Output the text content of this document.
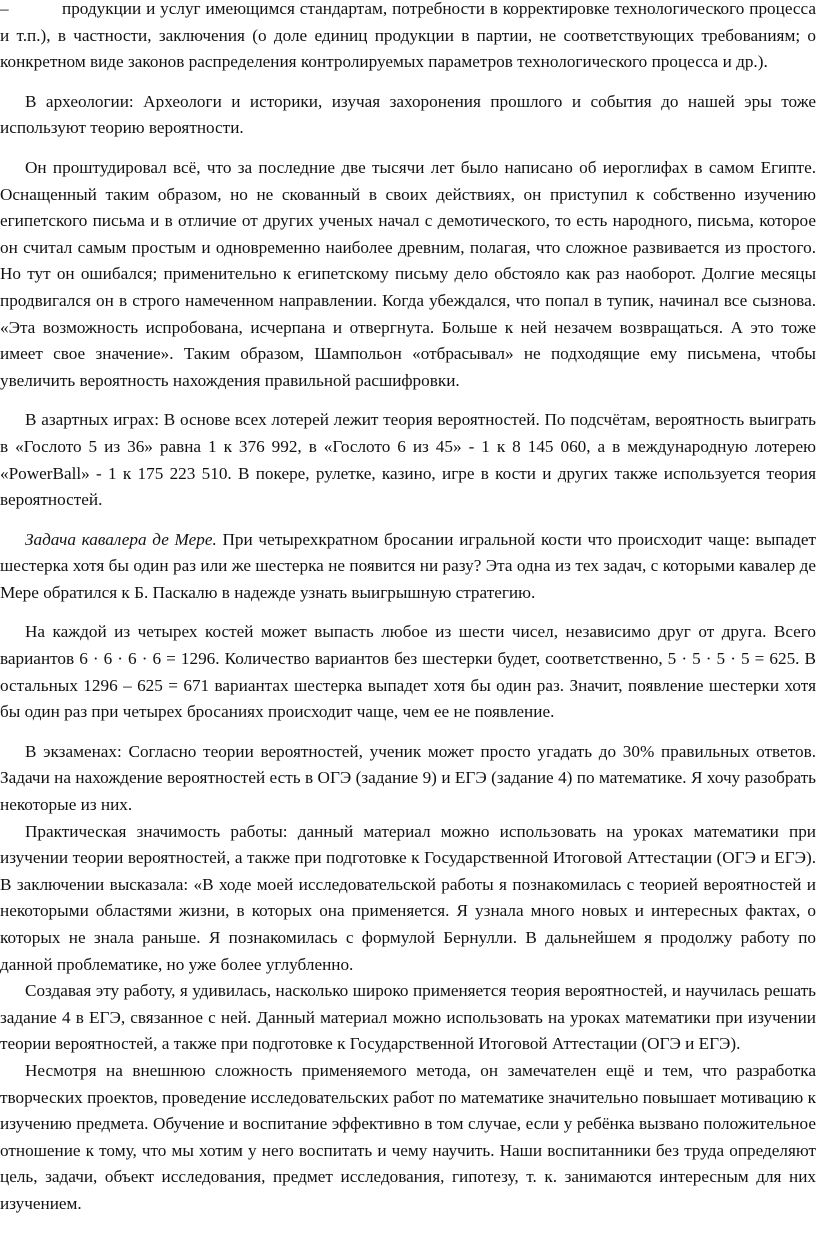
–	продукции и услуг имеющимся стандартам, потребности в корректировке технологического процесса и т.п.), в частности, заключения (о доле единиц продукции в партии, не соответствующих требованиям; о конкретном виде законов распределения контролируемых параметров технологического процесса и др.).

В археологии: Археологи и историки, изучая захоронения прошлого и события до нашей эры тоже используют теорию вероятности.

Он проштудировал всё, что за последние две тысячи лет было написано об иероглифах в самом Египте. Оснащенный таким образом, но не скованный в своих действиях, он приступил к собственно изучению египетского письма и в отличие от других ученых начал с демотического, то есть народного, письма, которое он считал самым простым и одновременно наиболее древним, полагая, что сложное развивается из простого. Но тут он ошибался; применительно к египетскому письму дело обстояло как раз наоборот. Долгие месяцы продвигался он в строго намеченном направлении. Когда убеждался, что попал в тупик, начинал все сызнова. «Эта возможность испробована, исчерпана и отвергнута. Больше к ней незачем возвращаться. А это тоже имеет свое значение». Таким образом, Шампольон «отбрасывал» не подходящие ему письмена, чтобы увеличить вероятность нахождения правильной расшифровки.

В азартных играх: В основе всех лотерей лежит теория вероятностей. По подсчётам, вероятность выиграть в «Гослото 5 из 36» равна 1 к 376 992, в «Гослото 6 из 45» - 1 к 8 145 060, а в международную лотерею «PowerBall» - 1 к 175 223 510. В покере, рулетке, казино, игре в кости и других также используется теория вероятностей.

Задача кавалера де Мере. При четырехкратном бросании игральной кости что происходит чаще: выпадет шестерка хотя бы один раз или же шестерка не появится ни разу? Эта одна из тех задач, с которыми кавалер де Мере обратился к Б. Паскалю в надежде узнать выигрышную стратегию.

На каждой из четырех костей может выпасть любое из шести чисел, независимо друг от друга. Всего вариантов 6 · 6 · 6 · 6 = 1296. Количество вариантов без шестерки будет, соответственно, 5 · 5 · 5 · 5 = 625. В остальных 1296 – 625 = 671 вариантах шестерка выпадет хотя бы один раз. Значит, появление шестерки хотя бы один раз при четырех бросаниях происходит чаще, чем ее не появление.

В экзаменах: Согласно теории вероятностей, ученик может просто угадать до 30% правильных ответов. Задачи на нахождение вероятностей есть в ОГЭ (задание 9) и ЕГЭ (задание 4) по математике. Я хочу разобрать некоторые из них.

Практическая значимость работы: данный материал можно использовать на уроках математики при изучении теории вероятностей, а также при подготовке к Государственной Итоговой Аттестации (ОГЭ и ЕГЭ). В заключении высказала: «В ходе моей исследовательской работы я познакомилась с теорией вероятностей и некоторыми областями жизни, в которых она применяется. Я узнала много новых и интересных фактах, о которых не знала раньше. Я познакомилась с формулой Бернулли. В дальнейшем я продолжу работу по данной проблематике, но уже более углубленно.

Создавая эту работу, я удивилась, насколько широко применяется теория вероятностей, и научилась решать задание 4 в ЕГЭ, связанное с ней. Данный материал можно использовать на уроках математики при изучении теории вероятностей, а также при подготовке к Государственной Итоговой Аттестации (ОГЭ и ЕГЭ).

Несмотря на внешнюю сложность применяемого метода, он замечателен ещё и тем, что разработка творческих проектов, проведение исследовательских работ по математике значительно повышает мотивацию к изучению предмета. Обучение и воспитание эффективно в том случае, если у ребёнка вызвано положительное отношение к тому, что мы хотим у него воспитать и чему научить. Наши воспитанники без труда определяют цель, задачи, объект исследования, предмет исследования, гипотезу, т. к. занимаются интересным для них изучением.
